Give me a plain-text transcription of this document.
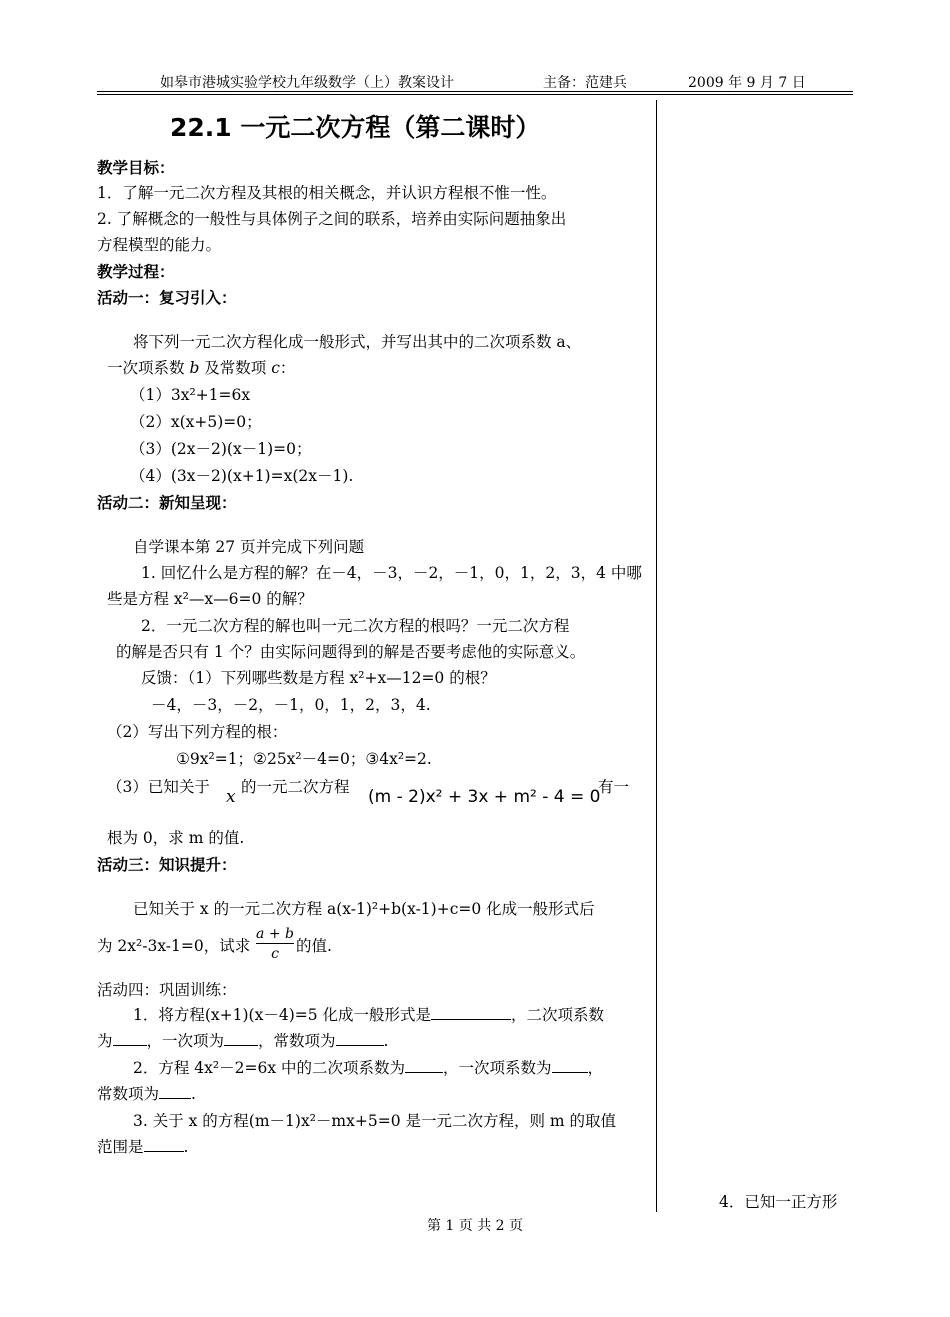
如皋市港城实验学校九年级数学（上）教案设计	主备：范建兵	2009 年 9 月 7 日
22.1 一元二次方程（第二课时）
教学目标：
1．了解一元二次方程及其根的相关概念，并认识方程根不惟一性。
2. 了解概念的一般性与具体例子之间的联系，培养由实际问题抽象出
方程模型的能力。
教学过程：
活动一：复习引入：
将下列一元二次方程化成一般形式，并写出其中的二次项系数 a、
一次项系数 b 及常数项 c：
（1）3x²+1=6x
（2）x(x+5)=0；
（3）(2x－2)(x－1)=0；
（4）(3x－2)(x+1)=x(2x－1).
活动二：新知呈现：
自学课本第 27 页并完成下列问题
1. 回忆什么是方程的解？在－4，－3，－2，－1，0，1，2，3，4 中哪
些是方程 x²—x—6=0 的解？
2．一元二次方程的解也叫一元二次方程的根吗？一元二次方程
的解是否只有 1 个？由实际问题得到的解是否要考虑他的实际意义。
反馈：（1）下列哪些数是方程 x²+x—12=0 的根？
－4，－3，－2，－1，0，1，2，3，4.
（2）写出下列方程的根：
①9x²=1；②25x²－4=0；③4x²=2.
（3）已知关于 x 的一元二次方程 (m - 2)x² + 3x + m² - 4 = 0
有一
根为 0，求 m 的值.
活动三：知识提升：
已知关于 x 的一元二次方程 a(x-1)²+b(x-1)+c=0 化成一般形式后
为 2x²-3x-1=0，试求 $\frac{a + b}{c}$ 的值.
活动四：巩固训练：
1．将方程(x+1)(x－4)=5 化成一般形式是	，二次项系数
为 ，一次项为 ，常数项为	.
2．方程 4x²－2=6x 中的二次项系数为 ，一次项系数为 ，
常数项为 .
3. 关于 x 的方程(m－1)x²－mx+5=0 是一元二次方程，则 m 的取值
范围是	.
4．已知一正方形
第 1 页 共 2 页
